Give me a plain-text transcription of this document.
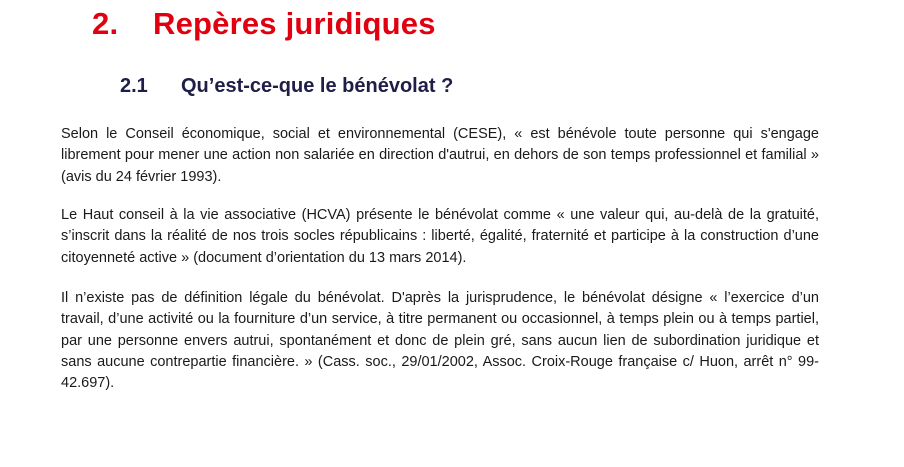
2. Repères juridiques
2.1 Qu’est-ce-que le bénévolat ?

Selon le Conseil économique, social et environnemental (CESE), « est bénévole toute personne qui s'engage librement pour mener une action non salariée en direction d'autrui, en dehors de son temps professionnel et familial » (avis du 24 février 1993).

Le Haut conseil à la vie associative (HCVA) présente le bénévolat comme « une valeur qui, au-delà de la gratuité, s’inscrit dans la réalité de nos trois socles républicains : liberté, égalité, fraternité et participe à la construction d’une citoyenneté active » (document d’orientation du 13 mars 2014).

Il n’existe pas de définition légale du bénévolat. D'après la jurisprudence, le bénévolat désigne « l’exercice d’un travail, d’une activité ou la fourniture d’un service, à titre permanent ou occasionnel, à temps plein ou à temps partiel, par une personne envers autrui, spontanément et donc de plein gré, sans aucun lien de subordination juridique et sans aucune contrepartie financière. » (Cass. soc., 29/01/2002, Assoc. Croix-Rouge française c/ Huon, arrêt n° 99-42.697).
